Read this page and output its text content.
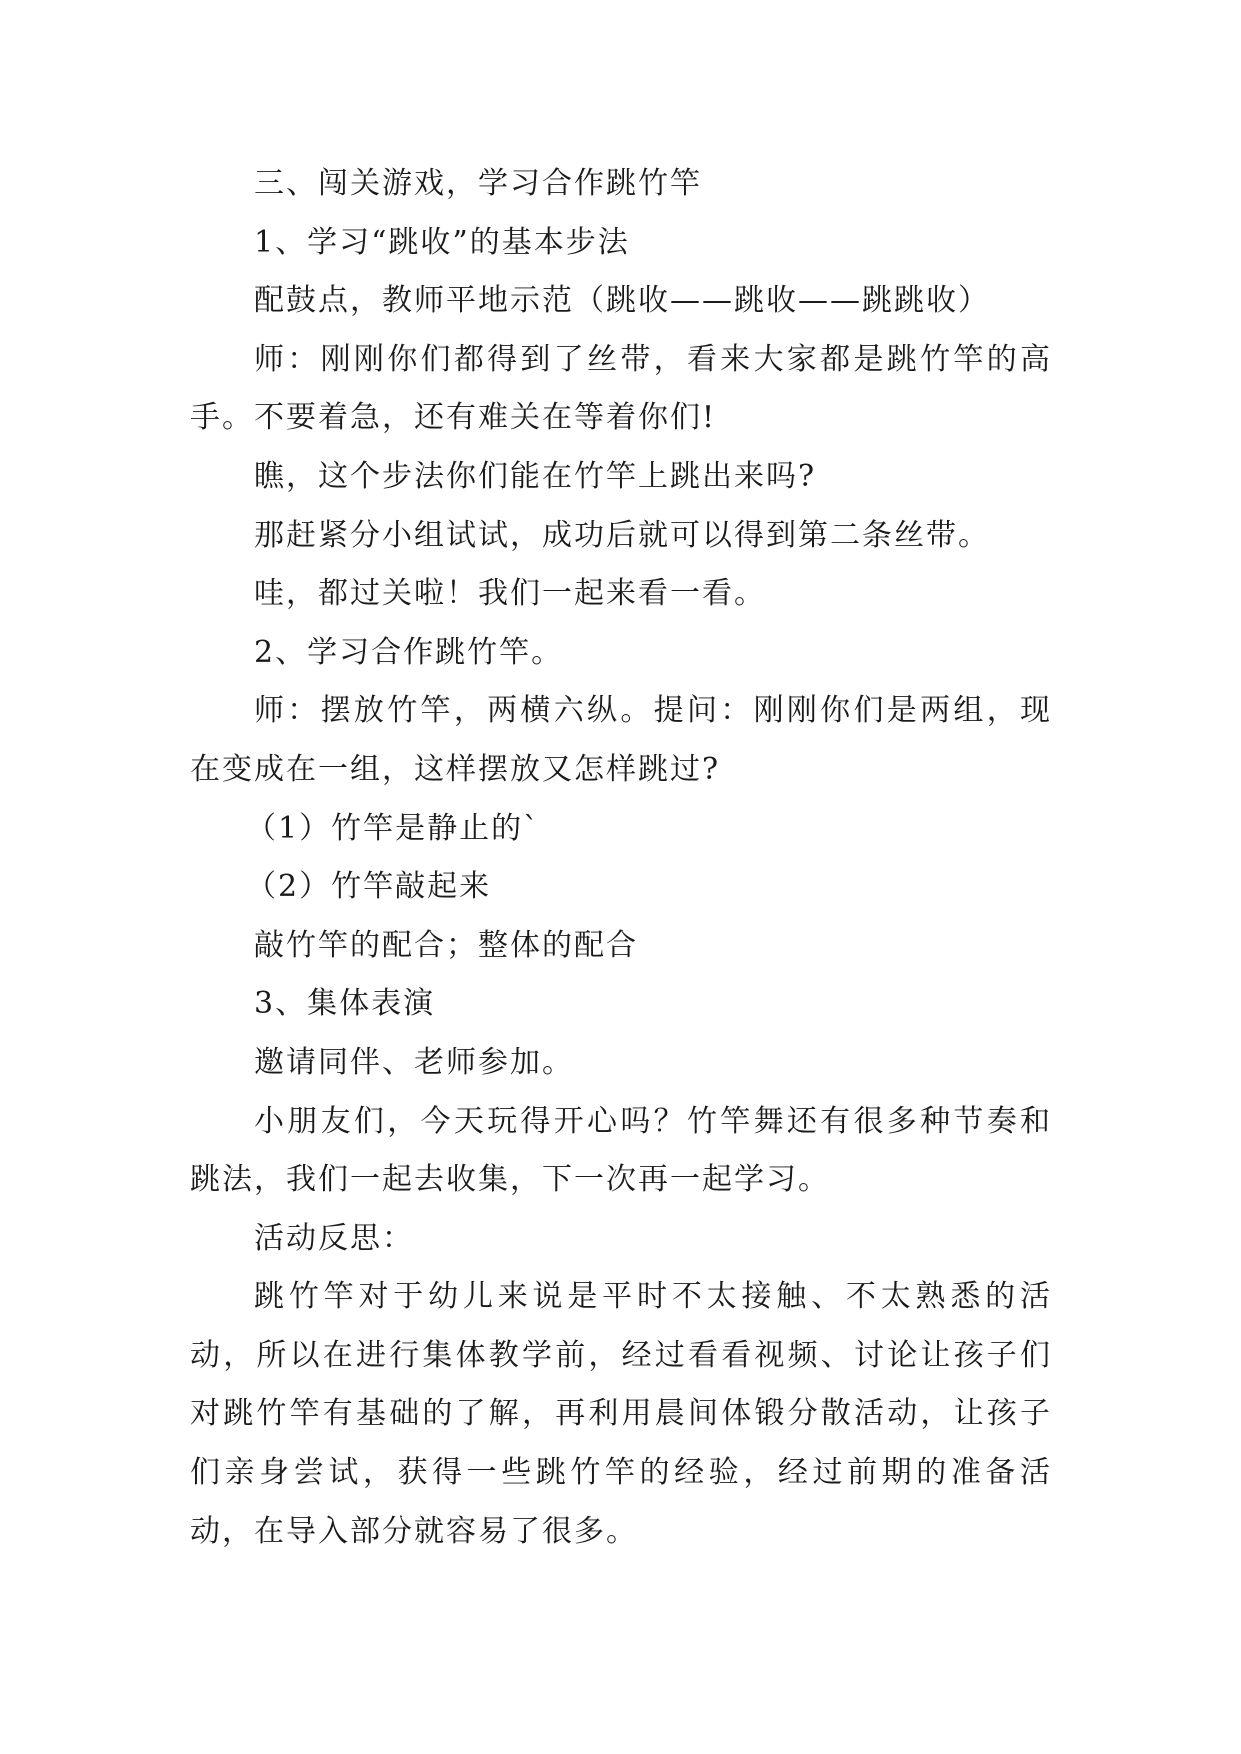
三、闯关游戏，学习合作跳竹竿

1、学习“跳收”的基本步法

配鼓点，教师平地示范（跳收——跳收——跳跳收）

师：刚刚你们都得到了丝带，看来大家都是跳竹竿的高手。不要着急，还有难关在等着你们!

瞧，这个步法你们能在竹竿上跳出来吗?

那赶紧分小组试试，成功后就可以得到第二条丝带。

哇，都过关啦！我们一起来看一看。

2、学习合作跳竹竿。

师：摆放竹竿，两横六纵。提问：刚刚你们是两组，现在变成在一组，这样摆放又怎样跳过?

（1）竹竿是静止的`

（2）竹竿敲起来

敲竹竿的配合；整体的配合

3、集体表演

邀请同伴、老师参加。

小朋友们，今天玩得开心吗？竹竿舞还有很多种节奏和跳法，我们一起去收集，下一次再一起学习。

活动反思：

跳竹竿对于幼儿来说是平时不太接触、不太熟悉的活动，所以在进行集体教学前，经过看看视频、讨论让孩子们对跳竹竿有基础的了解，再利用晨间体锻分散活动，让孩子们亲身尝试，获得一些跳竹竿的经验，经过前期的准备活动，在导入部分就容易了很多。
